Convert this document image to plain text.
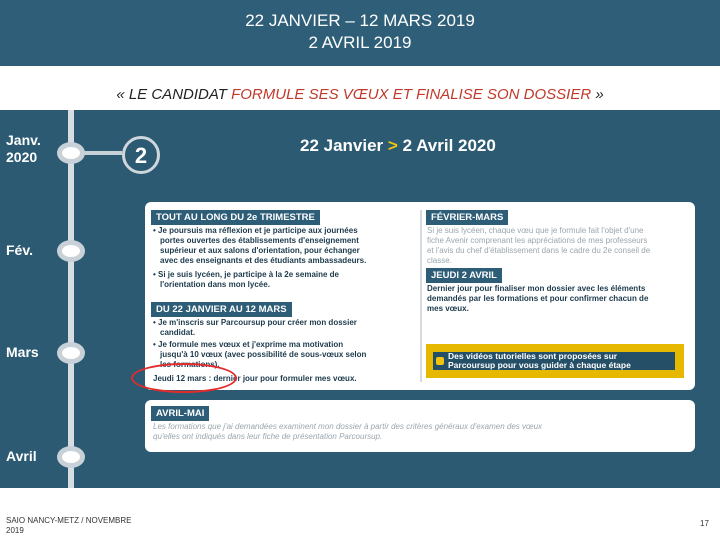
22 JANVIER – 12 MARS 2019
2 AVRIL 2019
« LE CANDIDAT FORMULE SES VŒUX ET FINALISE SON DOSSIER »
Janv.
2020
Fév.
Mars
Avril
2	22 Janvier > 2 Avril 2020
TOUT AU LONG DU 2e TRIMESTRE
• Je poursuis ma réflexion et je participe aux journées
portes ouvertes des établissements d'enseignement
supérieur et aux salons d'orientation, pour échanger
avec des enseignants et des étudiants ambassadeurs.
• Si je suis lycéen, je participe à la 2e semaine de
l'orientation dans mon lycée.
DU 22 JANVIER AU 12 MARS
• Je m'inscris sur Parcoursup pour créer mon dossier
candidat.
• Je formule mes vœux et j'exprime ma motivation
jusqu'à 10 vœux (avec possibilité de sous-vœux selon
les formations).
Jeudi 12 mars : dernier jour pour formuler mes vœux.
FÉVRIER-MARS
Si je suis lycéen, chaque vœu que je formule fait l'objet d'une
fiche Avenir comprenant les appréciations de mes professeurs
et l'avis du chef d'établissement dans le cadre du 2e conseil de
classe.
JEUDI 2 AVRIL
Dernier jour pour finaliser mon dossier avec les éléments
demandés par les formations et pour confirmer chacun de
mes vœux.
Des vidéos tutorielles sont proposées sur
Parcoursup pour vous guider à chaque étape
AVRIL-MAI
Les formations que j'ai demandées examinent mon dossier à partir des critères généraux d'examen des vœux
qu'elles ont indiqués dans leur fiche de présentation Parcoursup.
SAIO NANCY-METZ / NOVEMBRE
2019
17
